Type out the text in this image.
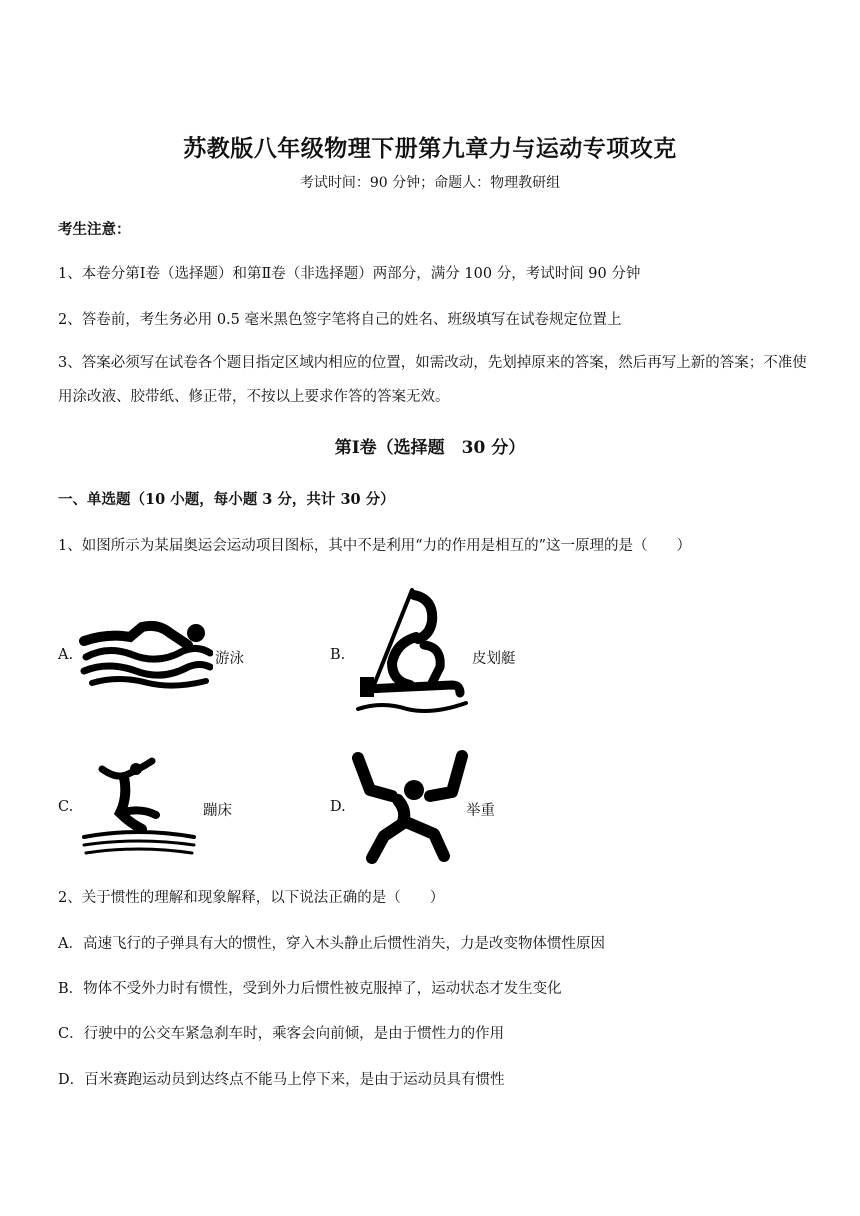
苏教版八年级物理下册第九章力与运动专项攻克
考试时间：90 分钟；命题人：物理教研组
考生注意：
1、本卷分第Ⅰ卷（选择题）和第Ⅱ卷（非选择题）两部分，满分 100 分，考试时间 90 分钟
2、答卷前，考生务必用 0.5 毫米黑色签字笔将自己的姓名、班级填写在试卷规定位置上
3、答案必须写在试卷各个题目指定区域内相应的位置，如需改动，先划掉原来的答案，然后再写上新的答案；不准使用涂改液、胶带纸、修正带，不按以上要求作答的答案无效。
第Ⅰ卷（选择题　30 分）
一、单选题（10 小题，每小题 3 分，共计 30 分）
1、如图所示为某届奥运会运动项目图标，其中不是利用“力的作用是相互的”这一原理的是（　　）
A.	游泳	B.	皮划艇
C.	蹦床	D.	举重
2、关于惯性的理解和现象解释，以下说法正确的是（　　）
A．高速飞行的子弹具有大的惯性，穿入木头静止后惯性消失，力是改变物体惯性原因
B．物体不受外力时有惯性，受到外力后惯性被克服掉了，运动状态才发生变化
C．行驶中的公交车紧急刹车时，乘客会向前倾，是由于惯性力的作用
D．百米赛跑运动员到达终点不能马上停下来，是由于运动员具有惯性
